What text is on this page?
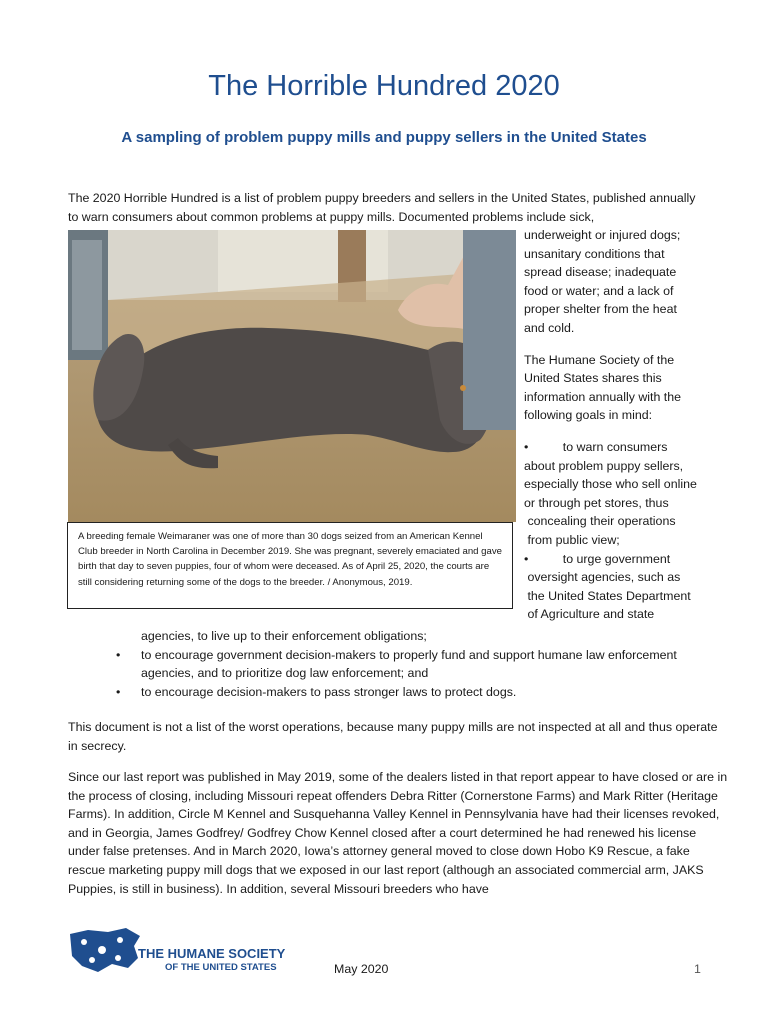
The Horrible Hundred 2020
A sampling of problem puppy mills and puppy sellers in the United States

The 2020 Horrible Hundred is a list of problem puppy breeders and sellers in the United States, published annually to warn consumers about common problems at puppy mills. Documented problems include sick,

underweight or injured dogs;
unsanitary conditions that
spread disease; inadequate
food or water; and a lack of
proper shelter from the heat
and cold.
The Humane Society of the
United States shares this
information annually with the
following goals in mind:
•          to warn consumers
about problem puppy sellers,
especially those who sell online
or through pet stores, thus
concealing their operations
from public view;
•          to urge government
oversight agencies, such as
the United States Department
of Agriculture and state
A breeding female Weimaraner was one of more than 30 dogs seized from an American Kennel Club breeder in North Carolina in December 2019. She was pregnant, severely emaciated and gave birth that day to seven puppies, four of whom were deceased. As of April 25, 2020, the courts are still considering returning some of the dogs to the breeder. / Anonymous, 2019.
agencies, to live up to their enforcement obligations;
• to encourage government decision-makers to properly fund and support humane law enforcement
agencies, and to prioritize dog law enforcement; and
• to encourage decision-makers to pass stronger laws to protect dogs.

This document is not a list of the worst operations, because many puppy mills are not inspected at all and thus operate in secrecy.

Since our last report was published in May 2019, some of the dealers listed in that report appear to have closed or are in the process of closing, including Missouri repeat offenders Debra Ritter (Cornerstone Farms) and Mark Ritter (Heritage Farms). In addition, Circle M Kennel and Susquehanna Valley Kennel in Pennsylvania have had their licenses revoked, and in Georgia, James Godfrey/ Godfrey Chow Kennel closed after a court determined he had renewed his license under false pretenses. And in March 2020, Iowa’s attorney general moved to close down Hobo K9 Rescue, a fake rescue marketing puppy mill dogs that we exposed in our last report (although an associated commercial arm, JAKS Puppies, is still in business). In addition, several Missouri breeders who have

THE HUMANE SOCIETY
OF THE UNITED STATES	May 2020	1
